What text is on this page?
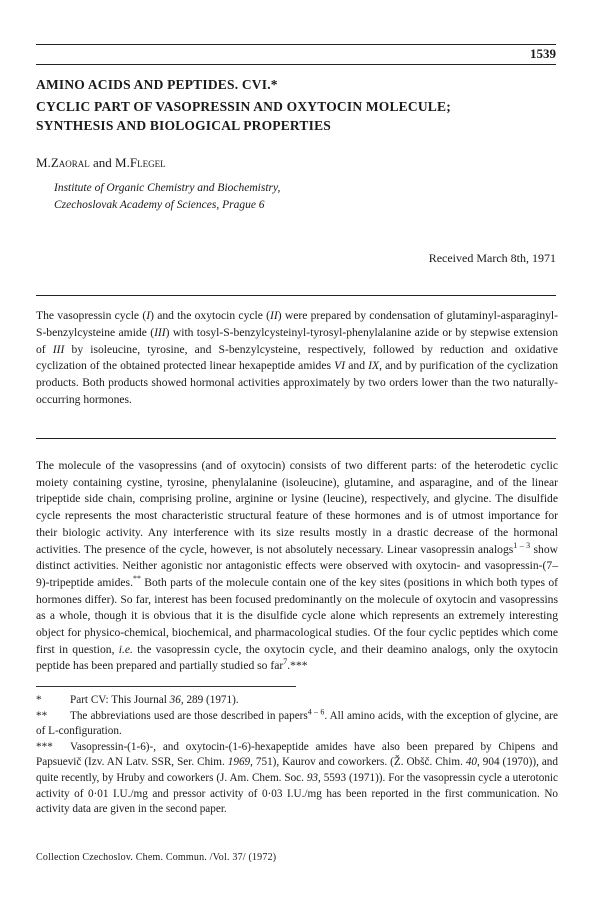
1539
AMINO ACIDS AND PEPTIDES. CVI.*
CYCLIC PART OF VASOPRESSIN AND OXYTOCIN MOLECULE;
SYNTHESIS AND BIOLOGICAL PROPERTIES
M.Zaoral and M.Flegel
Institute of Organic Chemistry and Biochemistry,
Czechoslovak Academy of Sciences, Prague 6
Received March 8th, 1971

The vasopressin cycle (I) and the oxytocin cycle (II) were prepared by condensation of glutaminyl-asparaginyl-S-benzylcysteine amide (III) with tosyl-S-benzylcysteinyl-tyrosyl-phenylalanine azide or by stepwise extension of III by isoleucine, tyrosine, and S-benzylcysteine, respectively, followed by reduction and oxidative cyclization of the obtained protected linear hexapeptide amides VI and IX, and by purification of the cyclization products. Both products showed hormonal activities approximately by two orders lower than the two naturally-occurring hormones.

The molecule of the vasopressins (and of oxytocin) consists of two different parts: of the heterodetic cyclic moiety containing cystine, tyrosine, phenylalanine (isoleucine), glutamine, and asparagine, and of the linear tripeptide side chain, comprising proline, arginine or lysine (leucine), respectively, and glycine. The disulfide cycle represents the most characteristic structural feature of these hormones and is of utmost importance for their biologic activity. Any interference with its size results mostly in a drastic decrease of the hormonal activities. The presence of the cycle, however, is not absolutely necessary. Linear vasopressin analogs$^{1 - 3}$ show distinct activities. Neither agonistic nor antagonistic effects were observed with oxytocin- and vasopressin-(7–9)-tripeptide amides.** Both parts of the molecule contain one of the key sites (positions in which both types of hormones differ). So far, interest has been focused predominantly on the molecule of oxytocin and vasopressins as a whole, though it is obvious that it is the disulfide cycle alone which represents an extremely interesting object for physico-chemical, biochemical, and pharmacological studies. Of the four cyclic peptides which come first in question, i.e. the vasopressin cycle, the oxytocin cycle, and their deamino analogs, only the oxytocin peptide has been prepared and partially studied so far$^7$.***

*	Part CV: This Journal 36, 289 (1971).

** The abbreviations used are those described in papers$^{4 - 6}$. All amino acids, with the exception of glycine, are of L-configuration.

*** Vasopressin-(1-6)-, and oxytocin-(1-6)-hexapeptide amides have also been prepared by Chipens and Papsuevič (Izv. AN Latv. SSR, Ser. Chim. 1969, 751), Kaurov and coworkers. (Ž. Obšč. Chim. 40, 904 (1970)), and quite recently, by Hruby and coworkers (J. Am. Chem. Soc. 93, 5593 (1971)). For the vasopressin cycle a uterotonic activity of 0·01 I.U./mg and pressor activity of 0·03 I.U./mg has been reported in the first communication. No activity data are given in the second paper.

Collection Czechoslov. Chem. Commun. /Vol. 37/ (1972)
